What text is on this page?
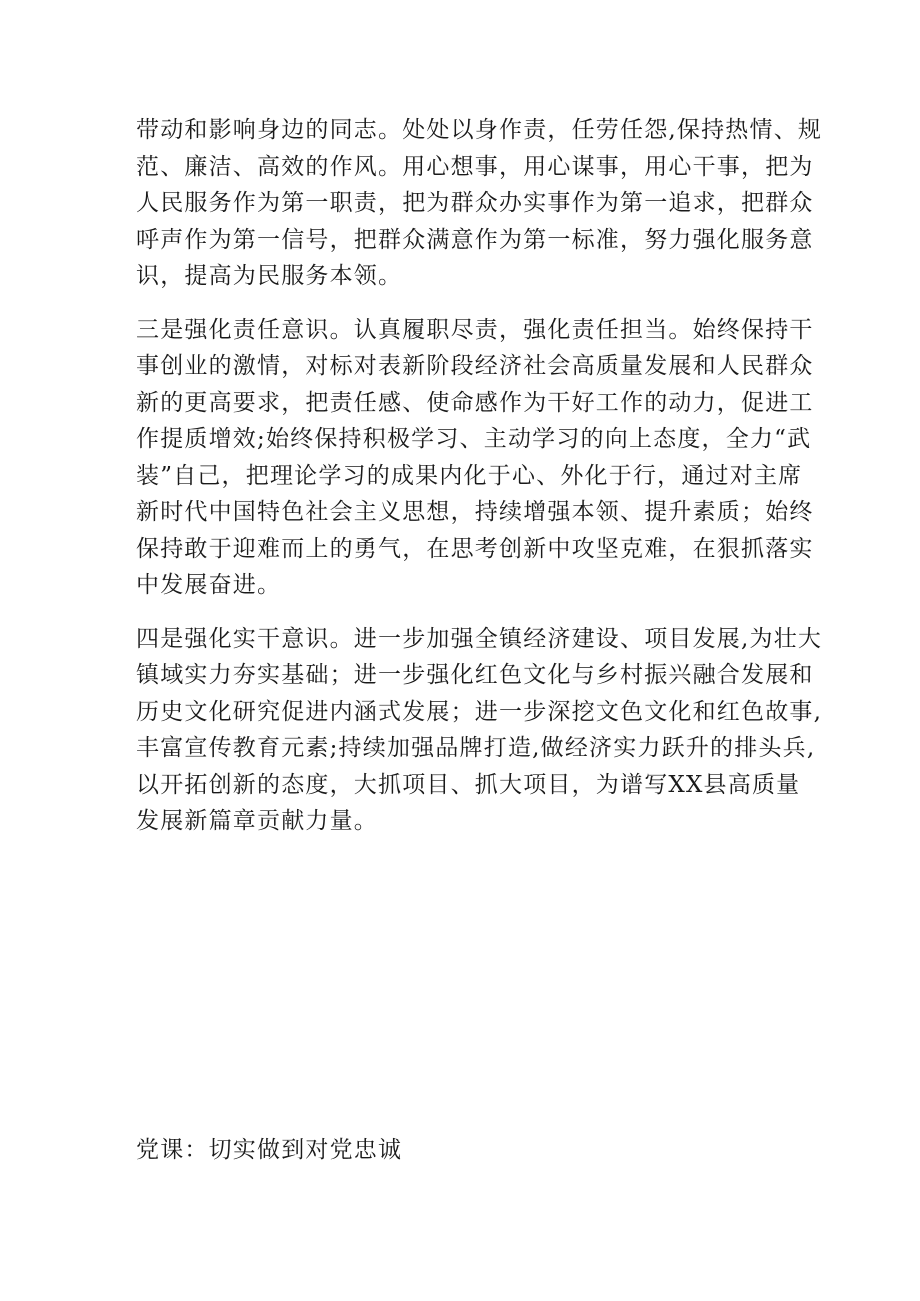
带动和影响身边的同志。处处以身作责，任劳任怨,保持热情、规
范、廉洁、高效的作风。用心想事，用心谋事，用心干事，把为
人民服务作为第一职责，把为群众办实事作为第一追求，把群众
呼声作为第一信号，把群众满意作为第一标准，努力强化服务意
识，提高为民服务本领。

三是强化责任意识。认真履职尽责，强化责任担当。始终保持干
事创业的激情，对标对表新阶段经济社会高质量发展和人民群众
新的更高要求，把责任感、使命感作为干好工作的动力，促进工
作提质增效;始终保持积极学习、主动学习的向上态度，全力“武
装”自己，把理论学习的成果内化于心、外化于行，通过对主席
新时代中国特色社会主义思想，持续增强本领、提升素质；始终
保持敢于迎难而上的勇气，在思考创新中攻坚克难，在狠抓落实
中发展奋进。

四是强化实干意识。进一步加强全镇经济建设、项目发展,为壮大
镇域实力夯实基础；进一步强化红色文化与乡村振兴融合发展和
历史文化研究促进内涵式发展；进一步深挖文色文化和红色故事,
丰富宣传教育元素;持续加强品牌打造,做经济实力跃升的排头兵,
以开拓创新的态度，大抓项目、抓大项目，为谱写XX县高质量
发展新篇章贡献力量。

党课：切实做到对党忠诚
